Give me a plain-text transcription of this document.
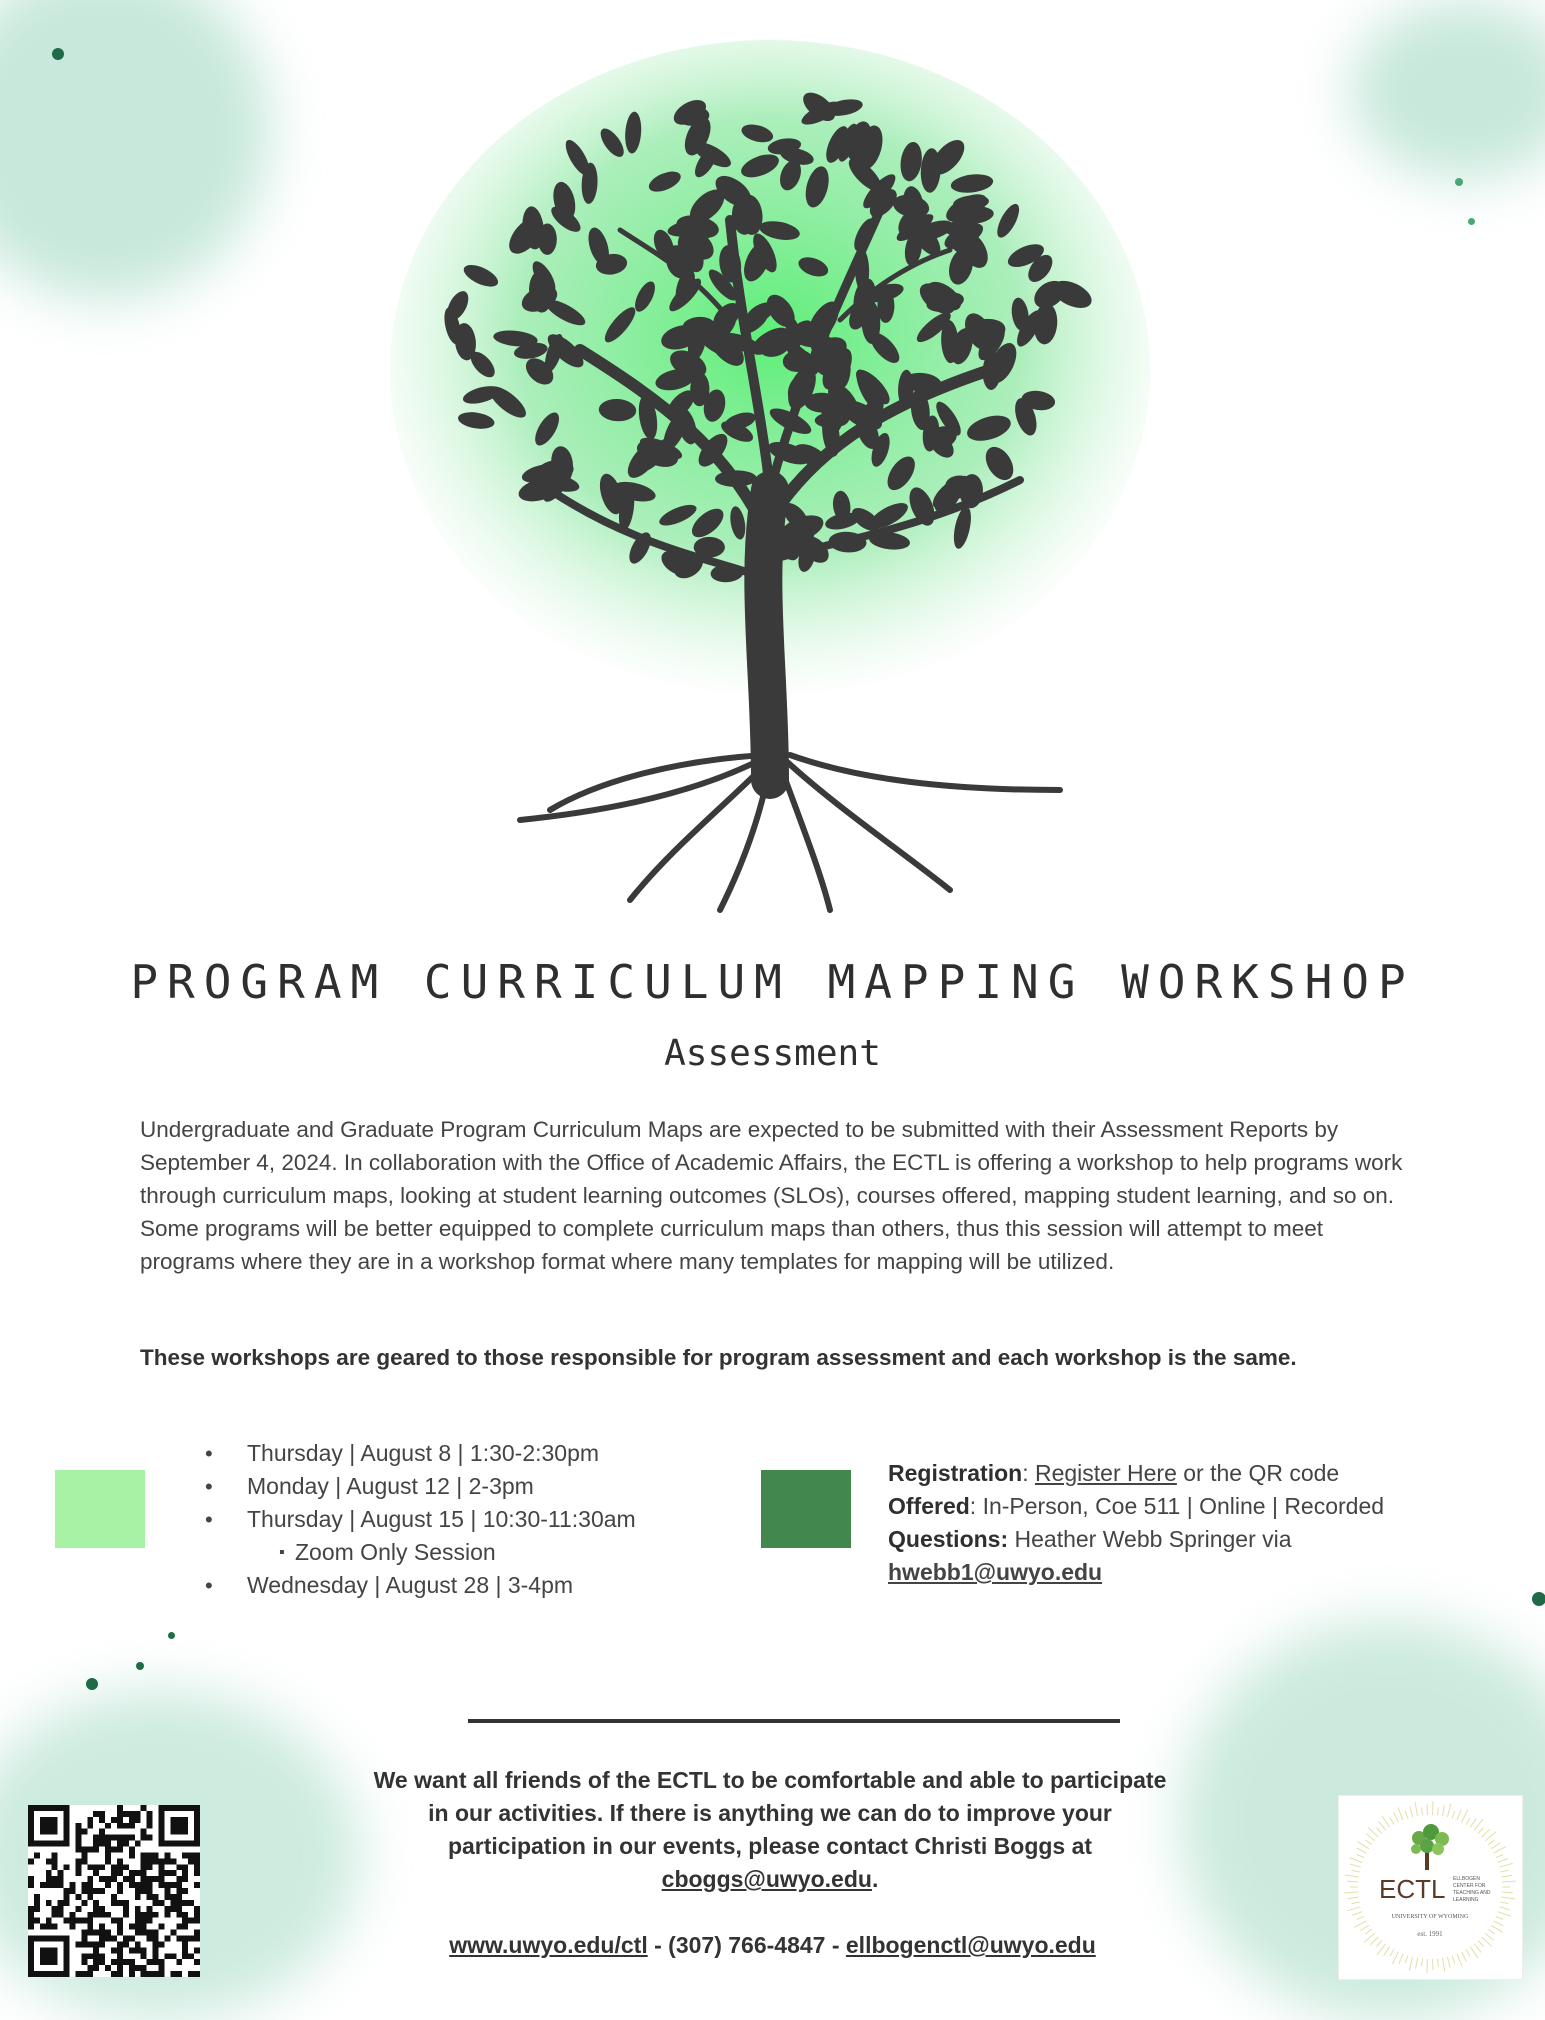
PROGRAM CURRICULUM MAPPING WORKSHOP
Assessment

Undergraduate and Graduate Program Curriculum Maps are expected to be submitted with their Assessment Reports by September 4, 2024. In collaboration with the Office of Academic Affairs, the ECTL is offering a workshop to help programs work through curriculum maps, looking at student learning outcomes (SLOs), courses offered, mapping student learning, and so on. Some programs will be better equipped to complete curriculum maps than others, thus this session will attempt to meet programs where they are in a workshop format where many templates for mapping will be utilized.

These workshops are geared to those responsible for program assessment and each workshop is the same.

• Thursday | August 8 | 1:30-2:30pm
• Monday | August 12 | 2-3pm
• Thursday | August 15 | 10:30-11:30am
▪ Zoom Only Session
• Wednesday | August 28 | 3-4pm
Registration: Register Here or the QR code
Offered: In-Person, Coe 511 | Online | Recorded
Questions: Heather Webb Springer via
hwebb1@uwyo.edu
We want all friends of the ECTL to be comfortable and able to participate in our activities. If there is anything we can do to improve your participation in our events, please contact Christi Boggs at cboggs@uwyo.edu.
www.uwyo.edu/ctl - (307) 766-4847 - ellbogenctl@uwyo.edu
ECTL ELLBOGEN
CENTER FOR
TEACHING AND
LEARNING
UNIVERSITY OF WYOMING
est. 1991
